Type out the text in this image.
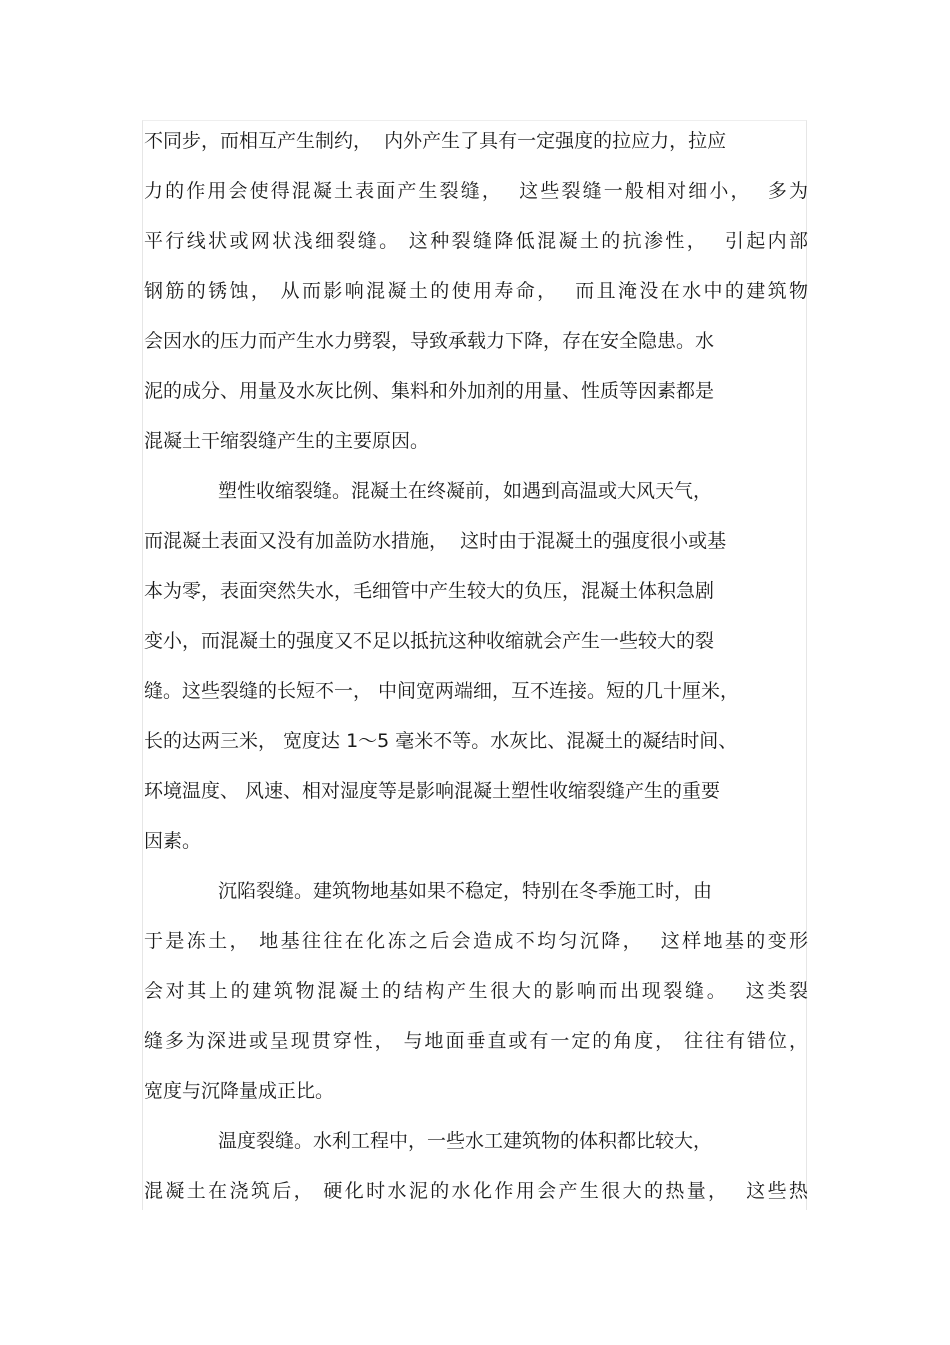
不同步，而相互产生制约，  内外产生了具有一定强度的拉应力，拉应
力的作用会使得混凝土表面产生裂缝，  这些裂缝一般相对细小，  多为
平行线状或网状浅细裂缝。 这种裂缝降低混凝土的抗渗性，  引起内部
钢筋的锈蚀， 从而影响混凝土的使用寿命，  而且淹没在水中的建筑物
会因水的压力而产生水力劈裂，导致承载力下降，存在安全隐患。水
泥的成分、用量及水灰比例、集料和外加剂的用量、性质等因素都是
混凝土干缩裂缝产生的主要原因。
塑性收缩裂缝。混凝土在终凝前，如遇到高温或大风天气，
而混凝土表面又没有加盖防水措施，  这时由于混凝土的强度很小或基
本为零，表面突然失水，毛细管中产生较大的负压，混凝土体积急剧
变小，而混凝土的强度又不足以抵抗这种收缩就会产生一些较大的裂
缝。这些裂缝的长短不一， 中间宽两端细，互不连接。短的几十厘米，
长的达两三米， 宽度达 1～5 毫米不等。水灰比、混凝土的凝结时间、
环境温度、 风速、相对湿度等是影响混凝土塑性收缩裂缝产生的重要
因素。
沉陷裂缝。建筑物地基如果不稳定，特别在冬季施工时，由
于是冻土， 地基往往在化冻之后会造成不均匀沉降，  这样地基的变形
会对其上的建筑物混凝土的结构产生很大的影响而出现裂缝。  这类裂
缝多为深进或呈现贯穿性， 与地面垂直或有一定的角度， 往往有错位，
宽度与沉降量成正比。
温度裂缝。水利工程中，一些水工建筑物的体积都比较大，
混凝土在浇筑后， 硬化时水泥的水化作用会产生很大的热量，  这些热
